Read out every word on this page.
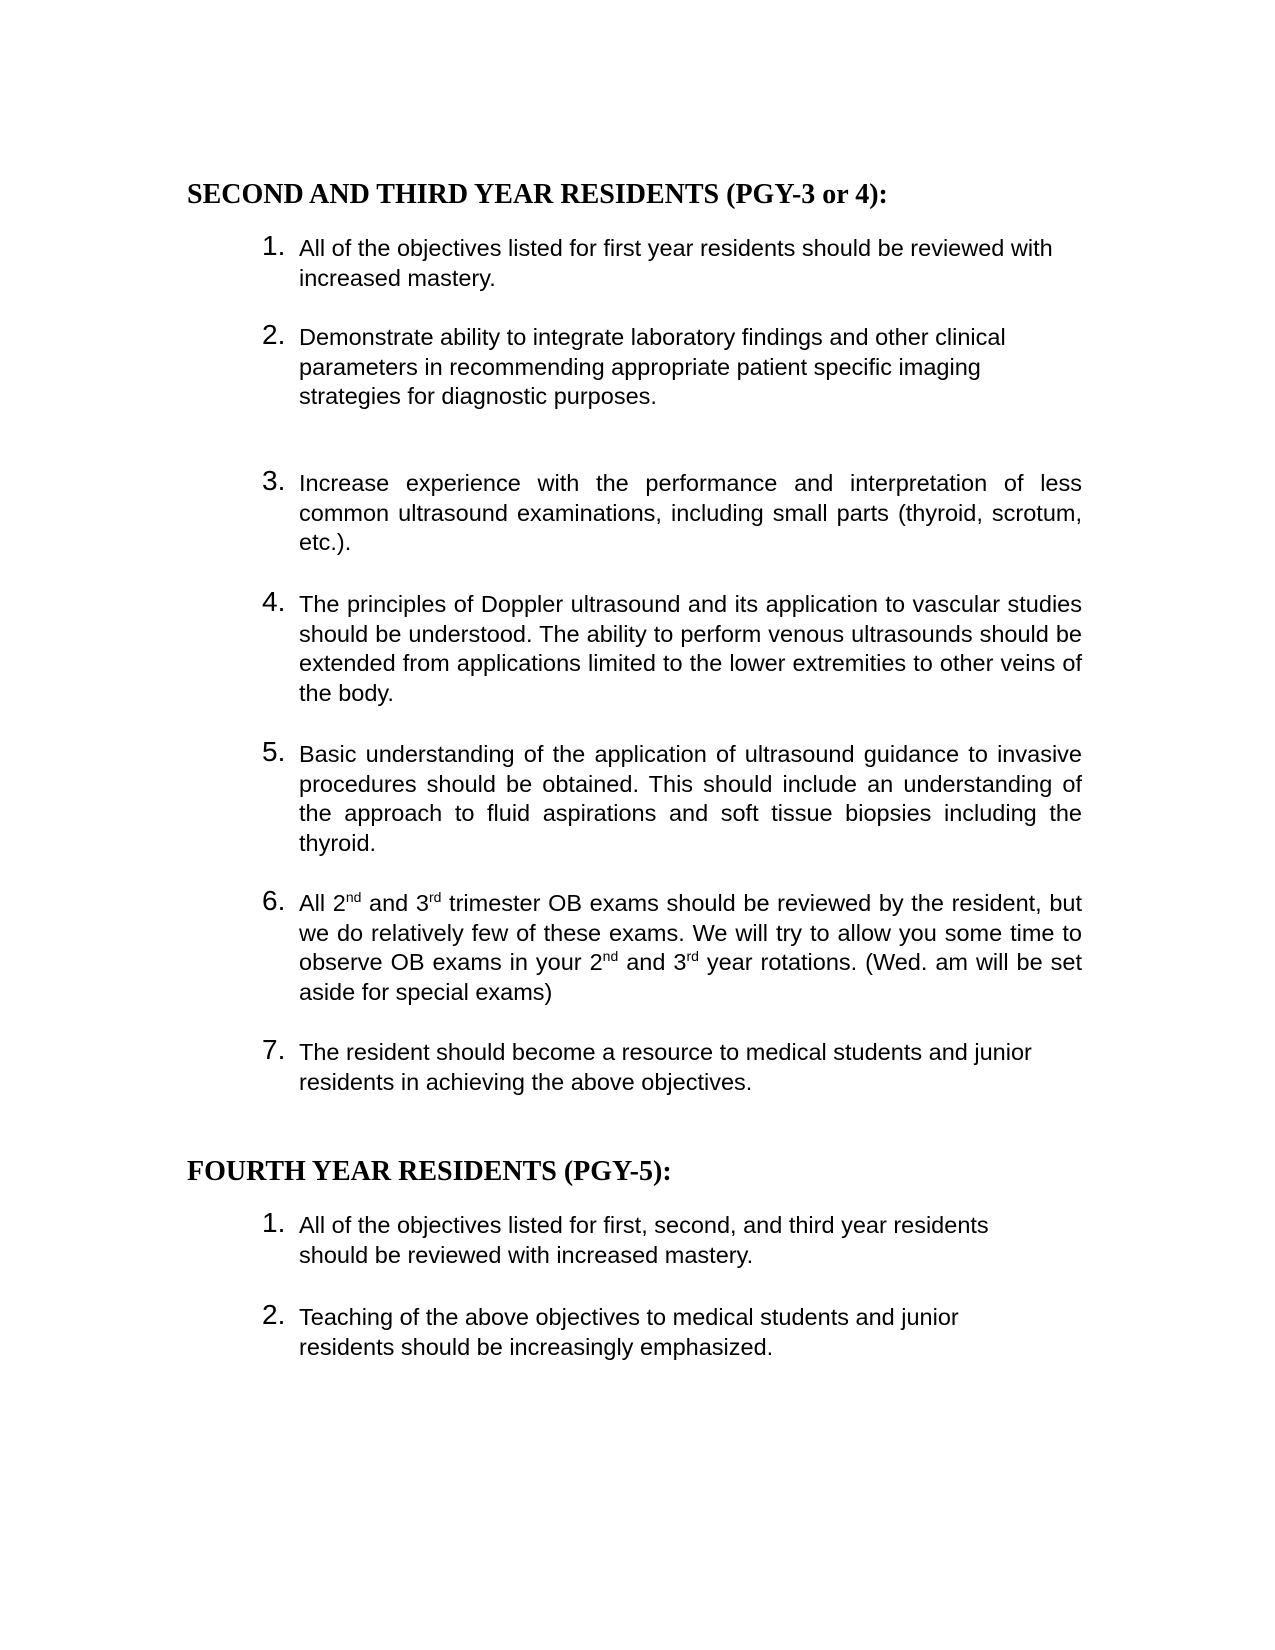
SECOND AND THIRD YEAR RESIDENTS (PGY-3 or 4):
1. All of the objectives listed for first year residents should be reviewed with increased mastery.

2. Demonstrate ability to integrate laboratory findings and other clinical parameters in recommending appropriate patient specific imaging strategies for diagnostic purposes.

3. Increase experience with the performance and interpretation of less common ultrasound examinations, including small parts (thyroid, scrotum, etc.).

4. The principles of Doppler ultrasound and its application to vascular studies should be understood. The ability to perform venous ultrasounds should be extended from applications limited to the lower extremities to other veins of the body.

5. Basic understanding of the application of ultrasound guidance to invasive procedures should be obtained. This should include an understanding of the approach to fluid aspirations and soft tissue biopsies including the thyroid.

6. All 2nd and 3rd trimester OB exams should be reviewed by the resident, but we do relatively few of these exams. We will try to allow you some time to observe OB exams in your 2nd and 3rd year rotations. (Wed. am will be set aside for special exams)

7. The resident should become a resource to medical students and junior residents in achieving the above objectives.

FOURTH YEAR RESIDENTS (PGY-5):
1. All of the objectives listed for first, second, and third year residents should be reviewed with increased mastery.

2. Teaching of the above objectives to medical students and junior residents should be increasingly emphasized.
